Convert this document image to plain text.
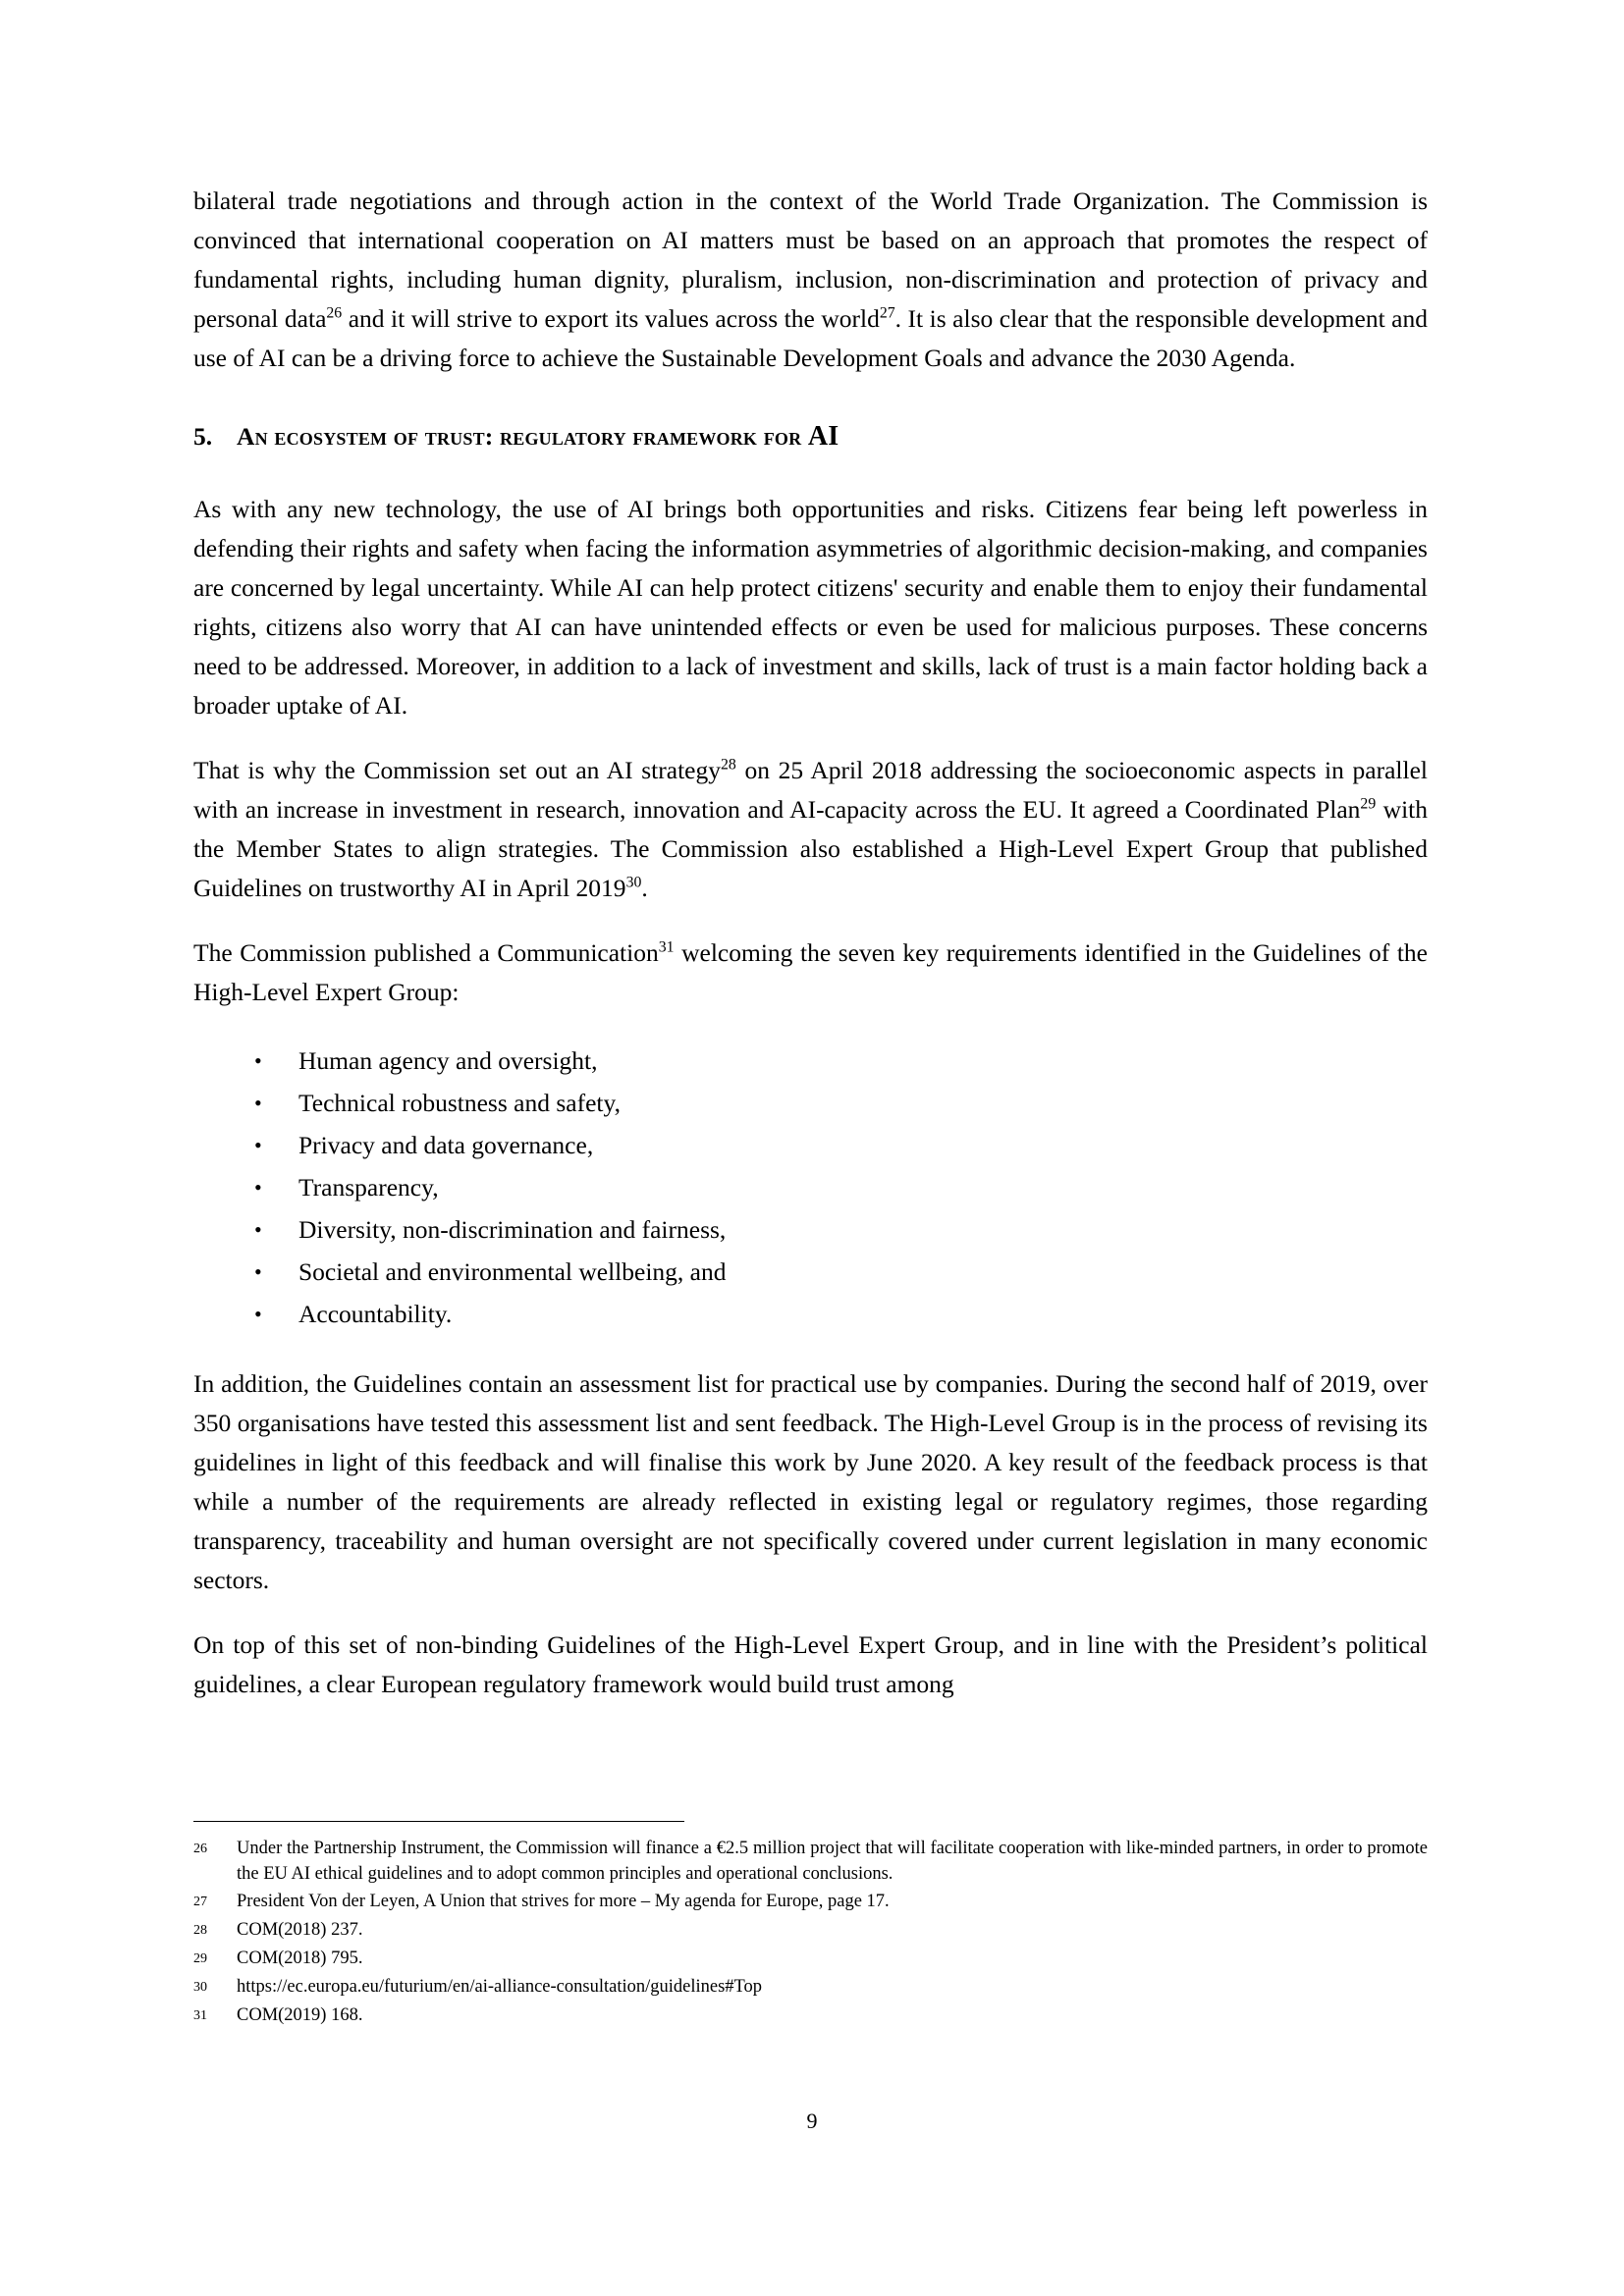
bilateral trade negotiations and through action in the context of the World Trade Organization. The Commission is convinced that international cooperation on AI matters must be based on an approach that promotes the respect of fundamental rights, including human dignity, pluralism, inclusion, non-discrimination and protection of privacy and personal data$^{26}$ and it will strive to export its values across the world$^{27}$. It is also clear that the responsible development and use of AI can be a driving force to achieve the Sustainable Development Goals and advance the 2030 Agenda.

5. An ecosystem of trust: regulatory framework for AI

As with any new technology, the use of AI brings both opportunities and risks. Citizens fear being left powerless in defending their rights and safety when facing the information asymmetries of algorithmic decision-making, and companies are concerned by legal uncertainty. While AI can help protect citizens' security and enable them to enjoy their fundamental rights, citizens also worry that AI can have unintended effects or even be used for malicious purposes. These concerns need to be addressed. Moreover, in addition to a lack of investment and skills, lack of trust is a main factor holding back a broader uptake of AI.

That is why the Commission set out an AI strategy$^{28}$ on 25 April 2018 addressing the socioeconomic aspects in parallel with an increase in investment in research, innovation and AI-capacity across the EU. It agreed a Coordinated Plan$^{29}$ with the Member States to align strategies. The Commission also established a High-Level Expert Group that published Guidelines on trustworthy AI in April 2019$^{30}$.

The Commission published a Communication$^{31}$ welcoming the seven key requirements identified in the Guidelines of the High-Level Expert Group:

• Human agency and oversight,
• Technical robustness and safety,
• Privacy and data governance,
• Transparency,
• Diversity, non-discrimination and fairness,
• Societal and environmental wellbeing, and
• Accountability.

In addition, the Guidelines contain an assessment list for practical use by companies. During the second half of 2019, over 350 organisations have tested this assessment list and sent feedback. The High-Level Group is in the process of revising its guidelines in light of this feedback and will finalise this work by June 2020. A key result of the feedback process is that while a number of the requirements are already reflected in existing legal or regulatory regimes, those regarding transparency, traceability and human oversight are not specifically covered under current legislation in many economic sectors.

On top of this set of non-binding Guidelines of the High-Level Expert Group, and in line with the President’s political guidelines, a clear European regulatory framework would build trust among

26	Under the Partnership Instrument, the Commission will finance a €2.5 million project that will facilitate cooperation with like-minded partners, in order to promote the EU AI ethical guidelines and to adopt common principles and operational conclusions.
27	President Von der Leyen, A Union that strives for more – My agenda for Europe, page 17.
28	COM(2018) 237.
29	COM(2018) 795.
30	https://ec.europa.eu/futurium/en/ai-alliance-consultation/guidelines#Top
31	COM(2019) 168.
9
